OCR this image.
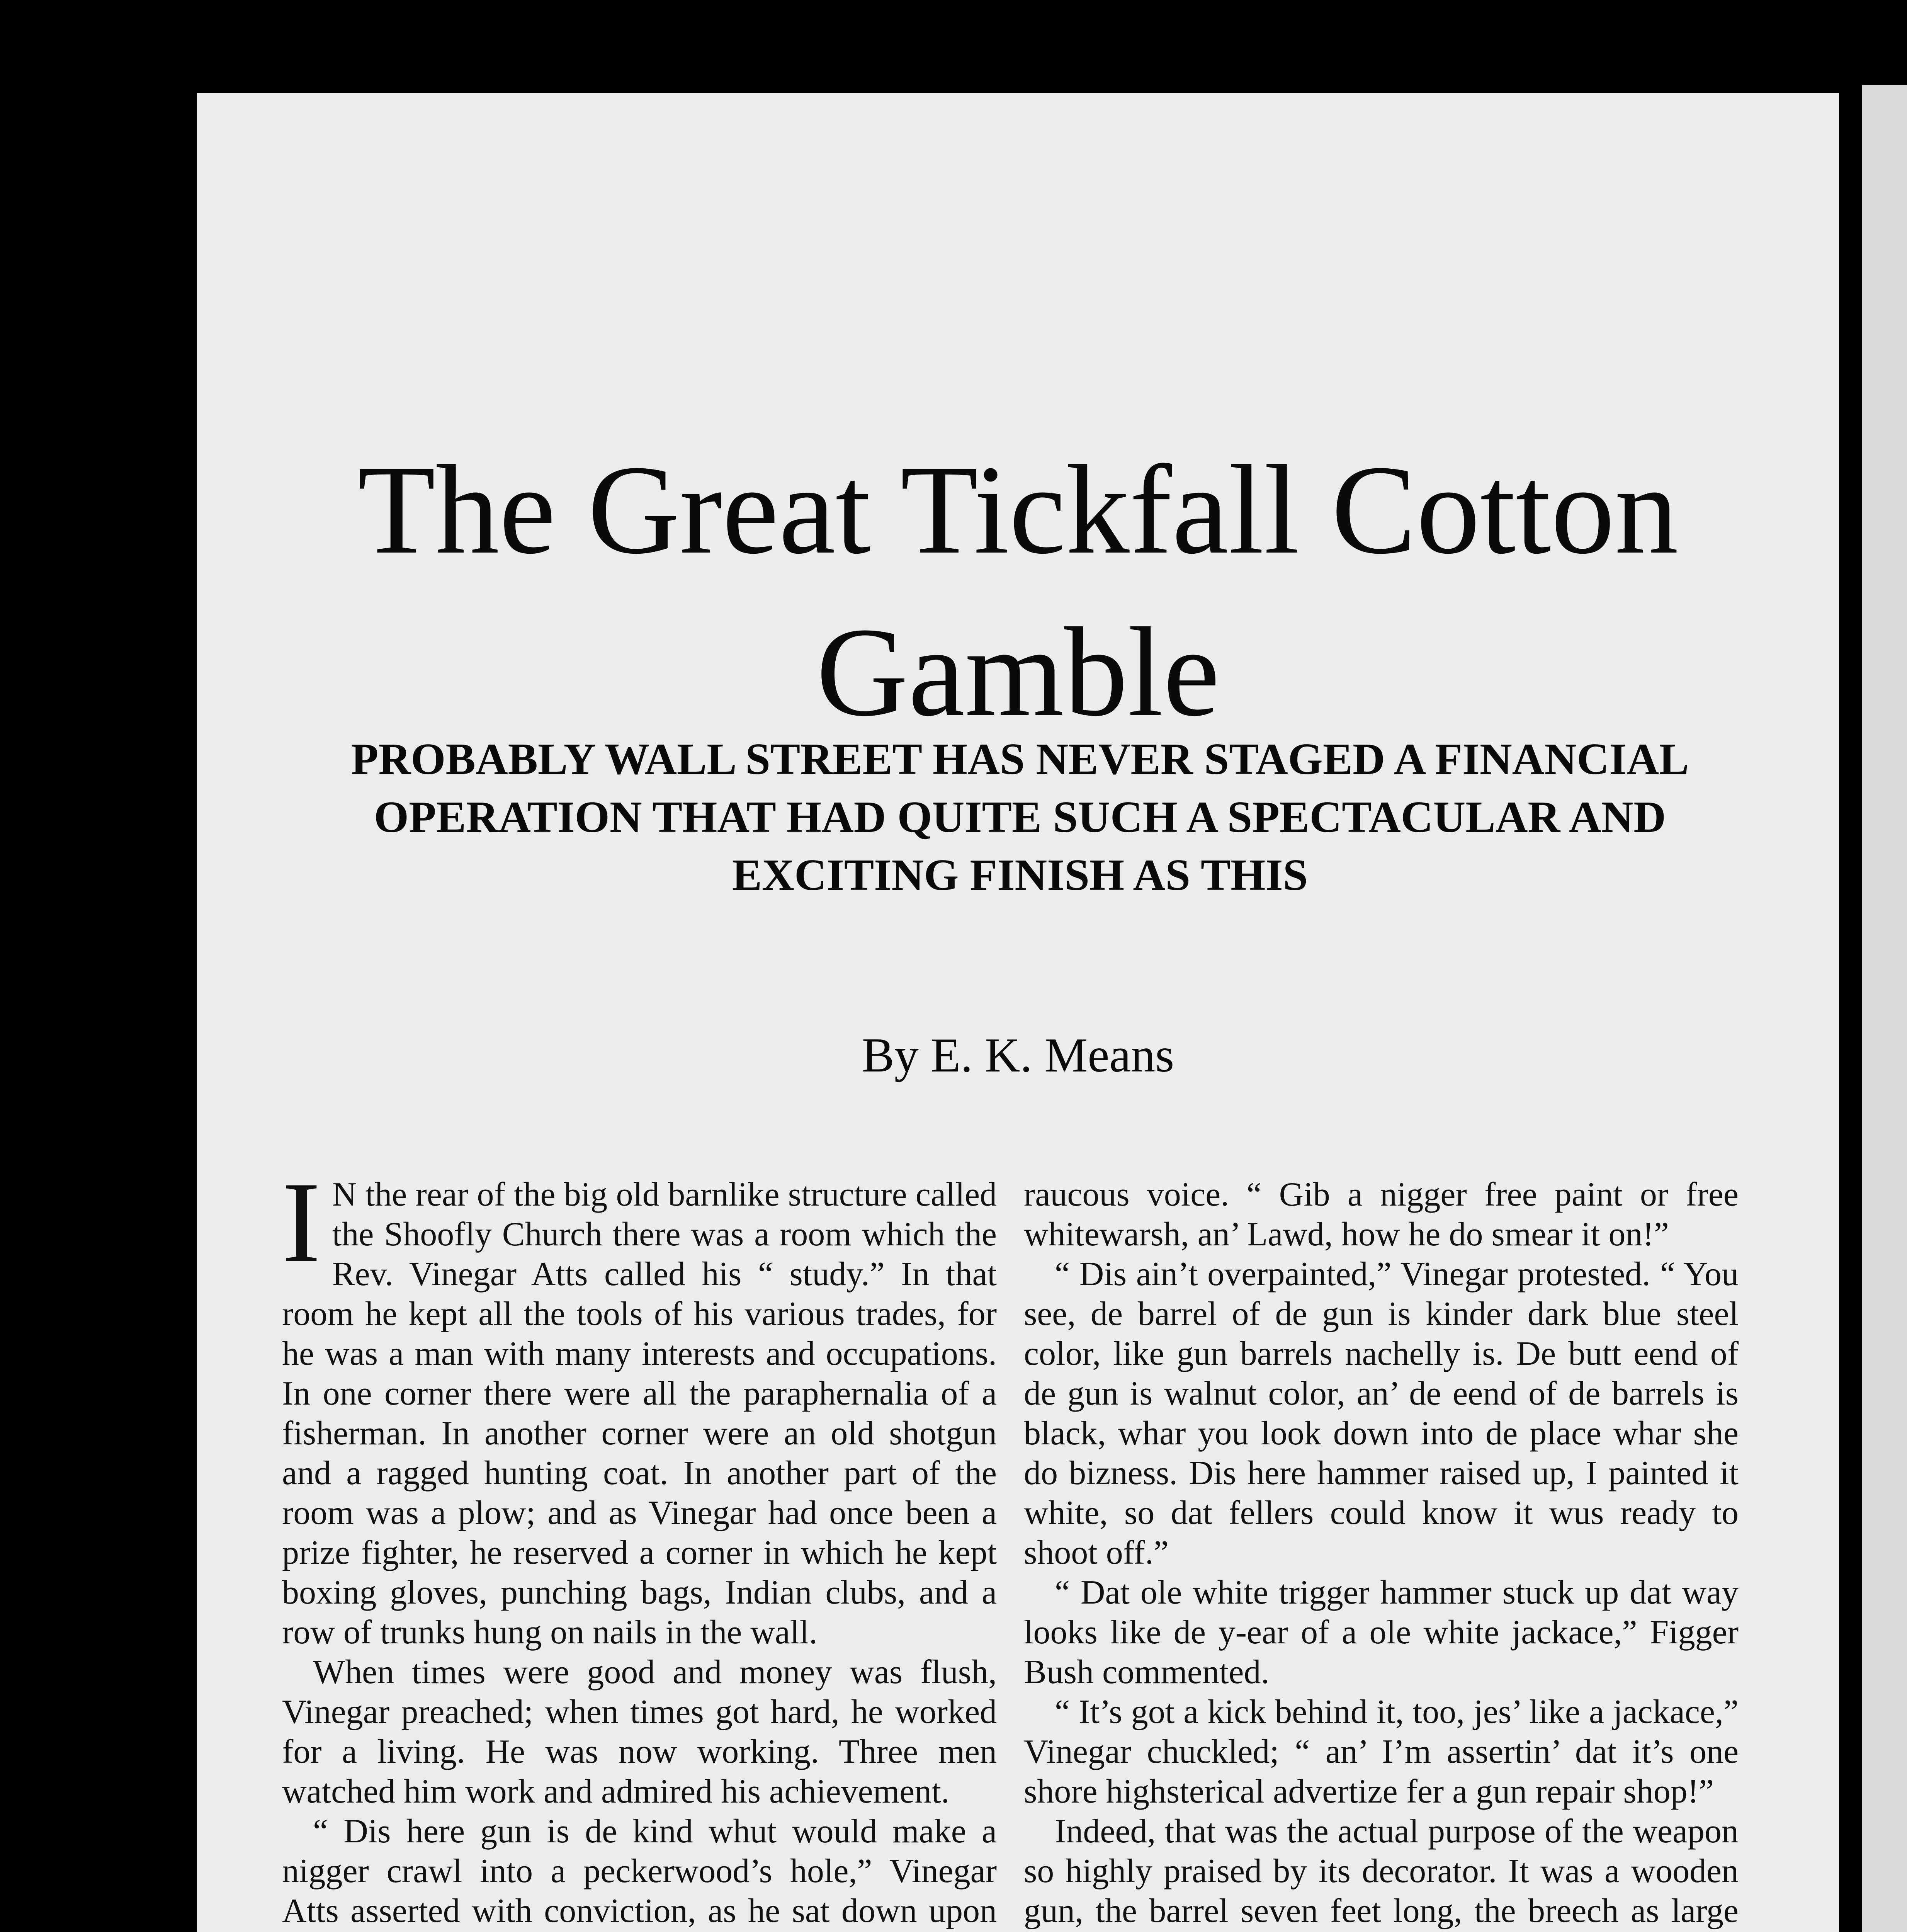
The Great Tickfall Cotton Gamble
PROBABLY WALL STREET HAS NEVER STAGED A FINANCIAL OPERATION THAT HAD QUITE SUCH A SPECTACULAR AND EXCITING FINISH AS THIS
By E. K. Means

I N the rear of the big old barnlike structure called the Shoofly Church there was a room which the Rev. Vinegar Atts called his “ study.” In that room he kept all the tools of his various trades, for he was a man with many interests and occupations. In one corner there were all the paraphernalia of a fisherman. In another corner were an old shotgun and a ragged hunting coat. In another part of the room was a plow; and as Vinegar had once been a prize fighter, he reserved a corner in which he kept boxing gloves, punching bags, Indian clubs, and a row of trunks hung on nails in the wall.

When times were good and money was flush, Vinegar preached; when times got hard, he worked for a living. He was now working. Three men watched him work and admired his achievement.

“ Dis here gun is de kind whut would make a nigger crawl into a peckerwood’s hole,” Vinegar Atts asserted with conviction, as he sat down upon

raucous voice. “ Gib a nigger free paint or free whitewarsh, an’ Lawd, how he do smear it on!”

“ Dis ain’t overpainted,” Vinegar protested. “ You see, de barrel of de gun is kinder dark blue steel color, like gun barrels nachelly is. De butt eend of de gun is walnut color, an’ de eend of de barrels is black, whar you look down into de place whar she do bizness. Dis here hammer raised up, I painted it white, so dat fellers could know it wus ready to shoot off.”

“ Dat ole white trigger hammer stuck up dat way looks like de y-ear of a ole white jackace,” Figger Bush commented.

“ It’s got a kick behind it, too, jes’ like a jackace,” Vinegar chuckled; “ an’ I’m assertin’ dat it’s one shore highsterical advertize fer a gun repair shop!”

Indeed, that was the actual purpose of the weapon so highly praised by its decorator. It was a wooden gun, the barrel seven feet long, the breech as large
